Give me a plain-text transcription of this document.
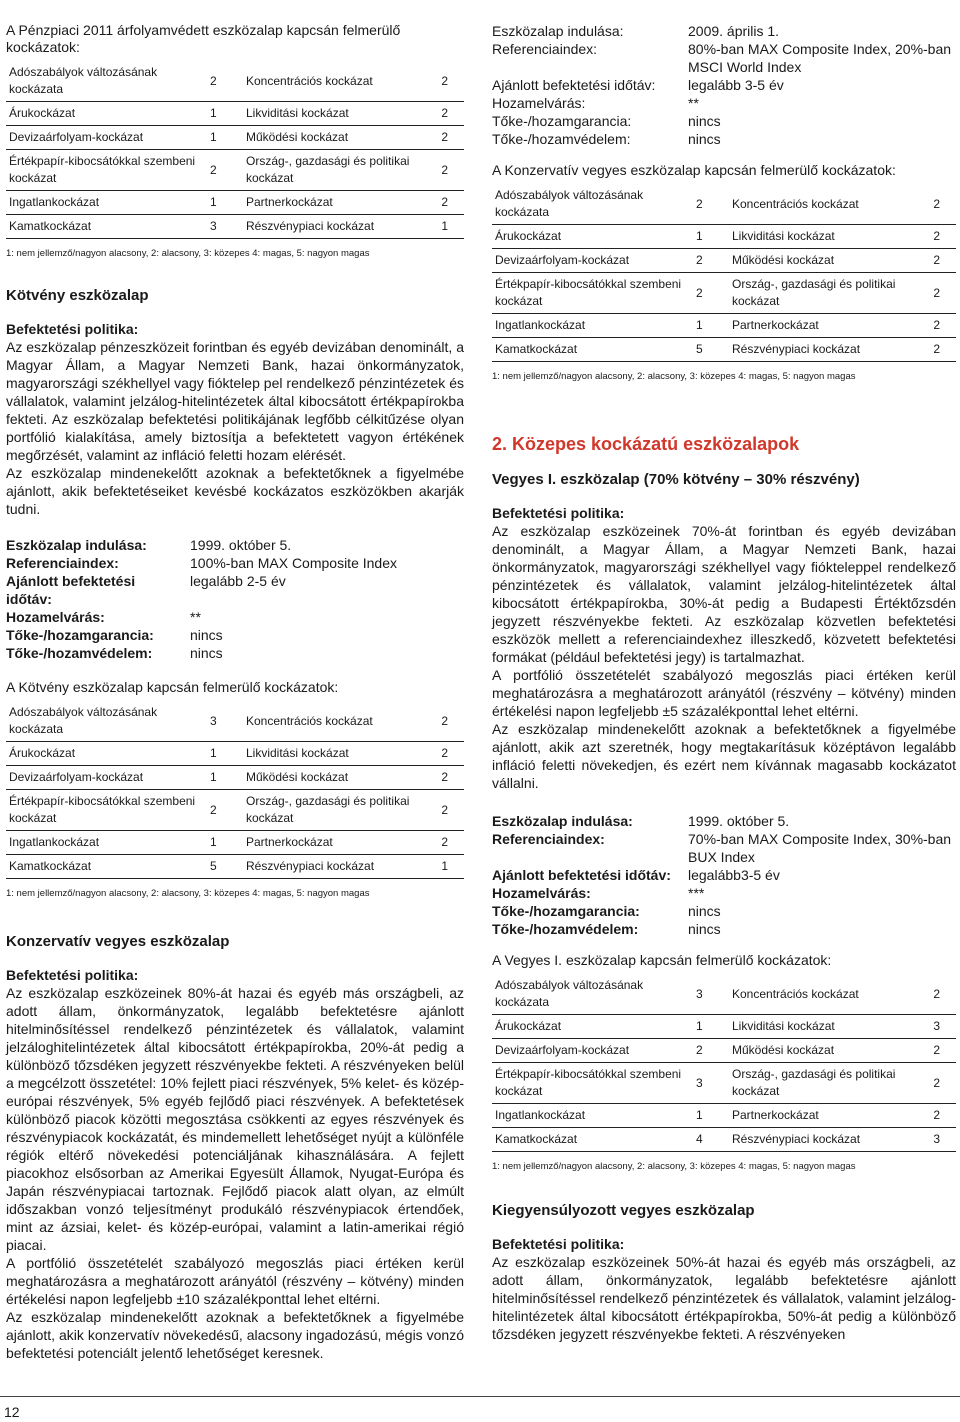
A Pénzpiaci 2011 árfolyamvédett eszközalap kapcsán felmerülő kockázatok:

Adószabályok változásának kockázata	2	Koncentrációs kockázat	2
Árukockázat	1	Likviditási kockázat	2
Devizaárfolyam-kockázat	1	Működési kockázat	2
Értékpapír-kibocsátókkal szembeni kockázat	2	Ország-, gazdasági és politikai kockázat	2
Ingatlankockázat	1	Partnerkockázat	2
Kamatkockázat	3	Részvénypiaci kockázat	1

1: nem jellemző/nagyon alacsony, 2: alacsony, 3: közepes 4: magas, 5: nagyon magas

Kötvény eszközalap

Befektetési politika:

Az eszközalap pénzeszközeit forintban és egyéb devizában denominált, a Magyar Állam, a Magyar Nemzeti Bank, hazai önkormányzatok, magyarországi székhellyel vagy fióktelep pel rendelkező pénzintézetek és vállalatok, valamint jelzálog-hitelintézetek által kibocsátott értékpapírokba fekteti. Az eszközalap befektetési politikájának legfőbb célkitűzése olyan portfólió kialakítása, amely biztosítja a befektetett vagyon értékének megőrzését, valamint az infláció feletti hozam elérését.

Az eszközalap mindenekelőtt azoknak a befektetőknek a figyelmébe ajánlott, akik befektetéseiket kevésbé kockázatos eszközökben akarják tudni.

Eszközalap indulása:	1999. október 5.
Referenciaindex:	100%-ban MAX Composite Index
Ajánlott befektetési időtáv:	legalább 2-5 év
Hozamelvárás:	**
Tőke-/hozamgarancia:	nincs
Tőke-/hozamvédelem:	nincs

A Kötvény eszközalap kapcsán felmerülő kockázatok:

Adószabályok változásának kockázata	3	Koncentrációs kockázat	2
Árukockázat	1	Likviditási kockázat	2
Devizaárfolyam-kockázat	1	Működési kockázat	2
Értékpapír-kibocsátókkal szembeni kockázat	2	Ország-, gazdasági és politikai kockázat	2
Ingatlankockázat	1	Partnerkockázat	2
Kamatkockázat	5	Részvénypiaci kockázat	1

1: nem jellemző/nagyon alacsony, 2: alacsony, 3: közepes 4: magas, 5: nagyon magas

Konzervatív vegyes eszközalap

Befektetési politika:

Az eszközalap eszközeinek 80%-át hazai és egyéb más országbeli, az adott állam, önkormányzatok, legalább befektetésre ajánlott hitelminősítéssel rendelkező pénzintézetek és vállalatok, valamint jelzáloghitelintézetek által kibocsátott értékpapírokba, 20%-át pedig a különböző tőzsdéken jegyzett részvényekbe fekteti. A részvényeken belül a megcélzott összetétel: 10% fejlett piaci részvények, 5% kelet- és közép-európai részvények, 5% egyéb fejlődő piaci részvények. A befektetések különböző piacok közötti megosztása csökkenti az egyes részvények és részvénypiacok kockázatát, és mindemellett lehetőséget nyújt a különféle régiók eltérő növekedési potenciáljának kihasználására. A fejlett piacokhoz elsősorban az Amerikai Egyesült Államok, Nyugat-Európa és Japán részvénypiacai tartoznak. Fejlődő piacok alatt olyan, az elmúlt időszakban vonzó teljesítményt produkáló részvénypiacok értendőek, mint az ázsiai, kelet- és közép-európai, valamint a latin-amerikai régió piacai.

A portfólió összetételét szabályozó megoszlás piaci értéken kerül meghatározásra a meghatározott arányától (részvény – kötvény) minden értékelési napon legfeljebb ±10 százalékponttal lehet eltérni.

Az eszközalap mindenekelőtt azoknak a befektetőknek a figyelmébe ajánlott, akik konzervatív növekedésű, alacsony ingadozású, mégis vonzó befektetési potenciált jelentő lehetőséget keresnek.

Eszközalap indulása:	2009. április 1.
Referenciaindex:	80%-ban MAX Composite Index, 20%-ban MSCI World Index
Ajánlott befektetési időtáv:	legalább 3-5 év
Hozamelvárás:	**
Tőke-/hozamgarancia:	nincs
Tőke-/hozamvédelem:	nincs

A Konzervatív vegyes eszközalap kapcsán felmerülő kockázatok:

Adószabályok változásának kockázata	2	Koncentrációs kockázat	2
Árukockázat	1	Likviditási kockázat	2
Devizaárfolyam-kockázat	2	Működési kockázat	2
Értékpapír-kibocsátókkal szembeni kockázat	2	Ország-, gazdasági és politikai kockázat	2
Ingatlankockázat	1	Partnerkockázat	2
Kamatkockázat	5	Részvénypiaci kockázat	2

1: nem jellemző/nagyon alacsony, 2: alacsony, 3: közepes 4: magas, 5: nagyon magas

2. Közepes kockázatú eszközalapok
Vegyes I. eszközalap (70% kötvény – 30% részvény)

Befektetési politika:

Az eszközalap eszközeinek 70%-át forintban és egyéb devizában denominált, a Magyar Állam, a Magyar Nemzeti Bank, hazai önkormányzatok, magyarországi székhellyel vagy fiókteleppel rendelkező pénzintézetek és vállalatok, valamint jelzálog-hitelintézetek által kibocsátott értékpapírokba, 30%-át pedig a Budapesti Értéktőzsdén jegyzett részvényekbe fekteti. Az eszközalap közvetlen befektetési eszközök mellett a referenciaindexhez illeszkedő, közvetett befektetési formákat (például befektetési jegy) is tartalmazhat.

A portfólió összetételét szabályozó megoszlás piaci értéken kerül meghatározásra a meghatározott arányától (részvény – kötvény) minden értékelési napon legfeljebb ±5 százalékponttal lehet eltérni.

Az eszközalap mindenekelőtt azoknak a befektetőknek a figyelmébe ajánlott, akik azt szeretnék, hogy megtakarításuk középtávon legalább infláció feletti növekedjen, és ezért nem kívánnak magasabb kockázatot vállalni.

Eszközalap indulása:	1999. október 5.
Referenciaindex:	70%-ban MAX Composite Index, 30%-ban BUX Index
Ajánlott befektetési időtáv:	legalább3-5 év
Hozamelvárás:	***
Tőke-/hozamgarancia:	nincs
Tőke-/hozamvédelem:	nincs

A Vegyes I. eszközalap kapcsán felmerülő kockázatok:

Adószabályok változásának kockázata	3	Koncentrációs kockázat	2
Árukockázat	1	Likviditási kockázat	3
Devizaárfolyam-kockázat	2	Működési kockázat	2
Értékpapír-kibocsátókkal szembeni kockázat	3	Ország-, gazdasági és politikai kockázat	2
Ingatlankockázat	1	Partnerkockázat	2
Kamatkockázat	4	Részvénypiaci kockázat	3

1: nem jellemző/nagyon alacsony, 2: alacsony, 3: közepes 4: magas, 5: nagyon magas

Kiegyensúlyozott vegyes eszközalap

Befektetési politika:

Az eszközalap eszközeinek 50%-át hazai és egyéb más országbeli, az adott állam, önkormányzatok, legalább befektetésre ajánlott hitelminősítéssel rendelkező pénzintézetek és vállalatok, valamint jelzálog-hitelintézetek által kibocsátott értékpapírokba, 50%-át pedig a különböző tőzsdéken jegyzett részvényekbe fekteti. A részvényeken

12
